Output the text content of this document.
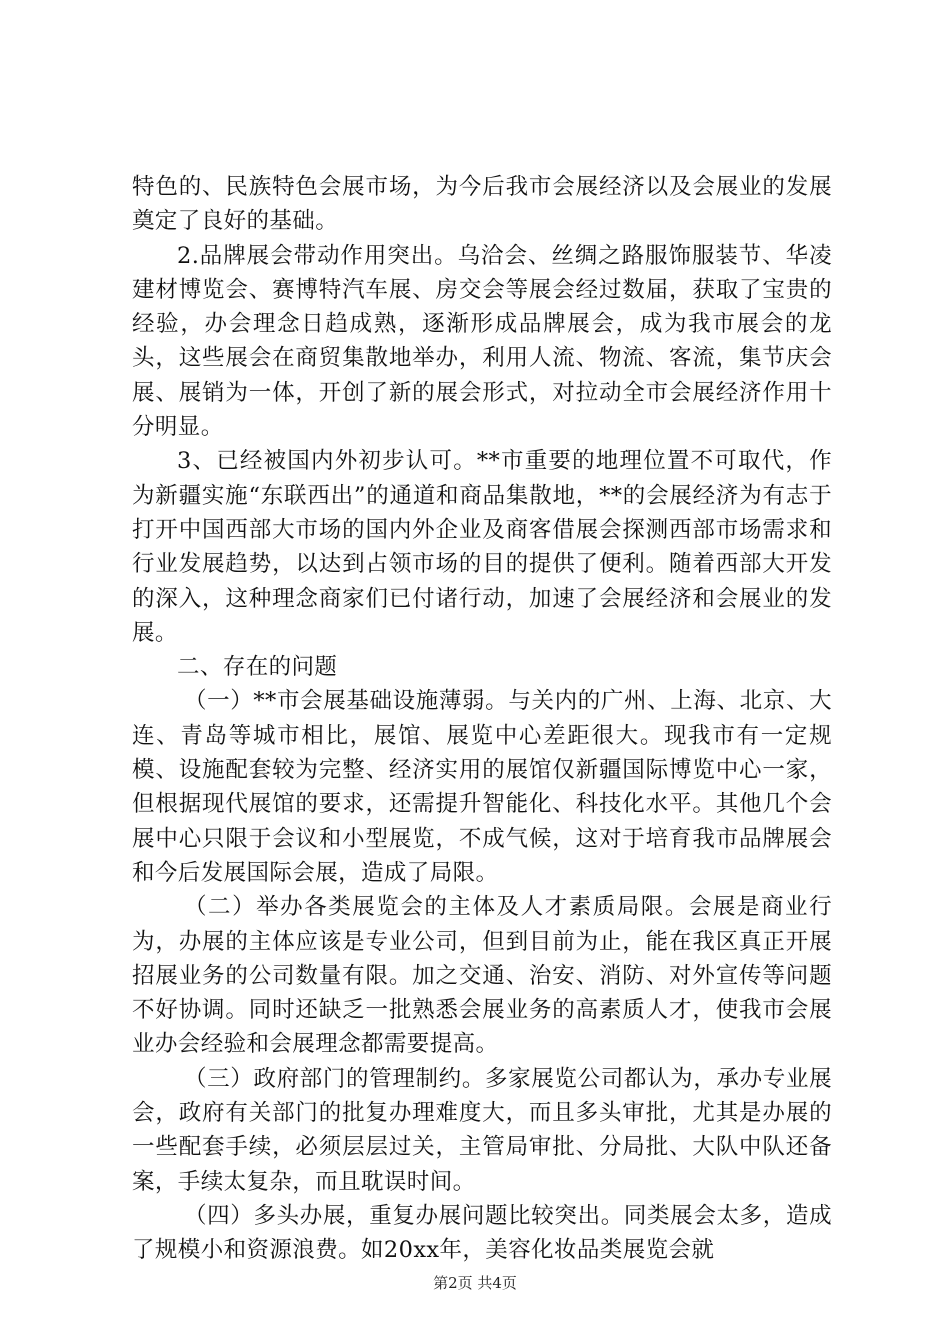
特色的、民族特色会展市场，为今后我市会展经济以及会展业的发展奠定了良好的基础。

2.品牌展会带动作用突出。乌洽会、丝绸之路服饰服装节、华凌建材博览会、赛博特汽车展、房交会等展会经过数届，获取了宝贵的经验，办会理念日趋成熟，逐渐形成品牌展会，成为我市展会的龙头，这些展会在商贸集散地举办，利用人流、物流、客流，集节庆会展、展销为一体，开创了新的展会形式，对拉动全市会展经济作用十分明显。

3、已经被国内外初步认可。**市重要的地理位置不可取代，作为新疆实施“东联西出”的通道和商品集散地，**的会展经济为有志于打开中国西部大市场的国内外企业及商客借展会探测西部市场需求和行业发展趋势，以达到占领市场的目的提供了便利。随着西部大开发的深入，这种理念商家们已付诸行动，加速了会展经济和会展业的发展。

二、存在的问题

（一）**市会展基础设施薄弱。与关内的广州、上海、北京、大连、青岛等城市相比，展馆、展览中心差距很大。现我市有一定规模、设施配套较为完整、经济实用的展馆仅新疆国际博览中心一家，但根据现代展馆的要求，还需提升智能化、科技化水平。其他几个会展中心只限于会议和小型展览，不成气候，这对于培育我市品牌展会和今后发展国际会展，造成了局限。

（二）举办各类展览会的主体及人才素质局限。会展是商业行为，办展的主体应该是专业公司，但到目前为止，能在我区真正开展招展业务的公司数量有限。加之交通、治安、消防、对外宣传等问题不好协调。同时还缺乏一批熟悉会展业务的高素质人才，使我市会展业办会经验和会展理念都需要提高。

（三）政府部门的管理制约。多家展览公司都认为，承办专业展会，政府有关部门的批复办理难度大，而且多头审批，尤其是办展的一些配套手续，必须层层过关，主管局审批、分局批、大队中队还备案，手续太复杂，而且耽误时间。

（四）多头办展，重复办展问题比较突出。同类展会太多，造成了规模小和资源浪费。如20xx年，美容化妆品类展览会就

第2页 共4页
